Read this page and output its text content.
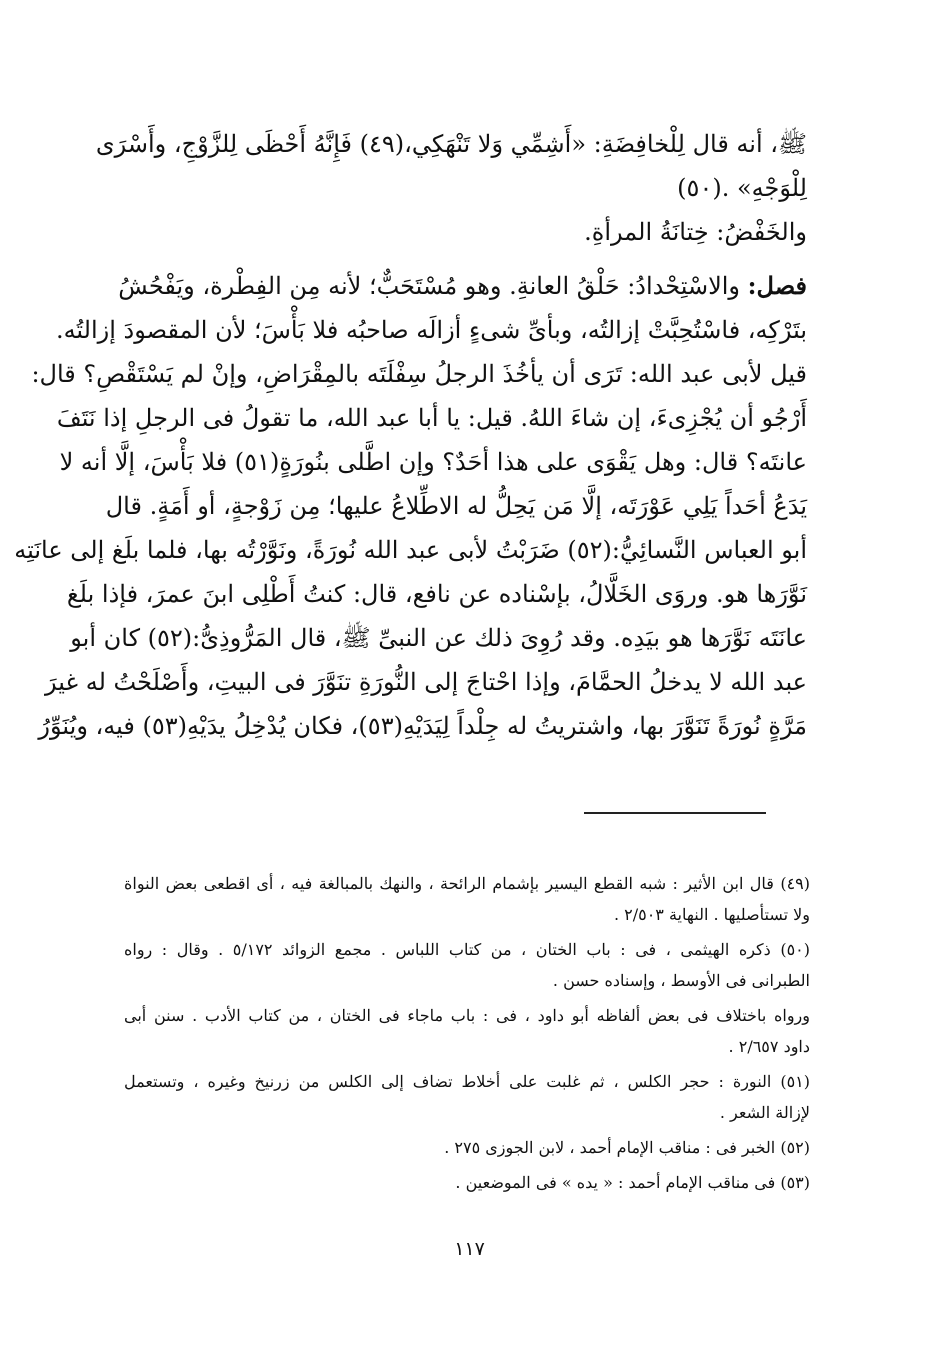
ﷺ، أنه قال لِلْخافِضَةِ: «أَشِمِّي وَلا تَنْهَكِي،(٤٩) فَإِنَّهُ أَحْظَى لِلزَّوْجِ، وأَسْرَى
لِلْوَجْهِ» .(٥٠)
والخَفْضُ: خِتانَةُ المرأةِ.
فصل: والاسْتِحْدادُ: حَلْقُ العانةِ. وهو مُسْتَحَبٌّ؛ لأنه مِن الفِطْرة، ويَفْحُشُ
بتَرْكِه، فاسْتُحِبَّتْ إزالتُه، وبأىِّ شىءٍ أزالَه صاحبُه فلا بَأْسَ؛ لأن المقصودَ إزالتُه.
قيل لأبى عبد الله: تَرَى أن يأخُذَ الرجلُ سِفْلَتَه بالمِقْرَاضِ، وإنْ لم يَسْتَقْصِ؟ قال:
أَرْجُو أن يُجْزِىءَ، إن شاءَ اللهُ. قيل: يا أبا عبد الله، ما تقولُ فى الرجلِ إذا نَتَفَ
عانتَه؟ قال: وهل يَقْوَى على هذا أحَدٌ؟ وإن اطَّلى بنُورَةٍ(٥١) فلا بَأْسَ، إلَّا أنه لا
يَدَعُ أحَداً يَلِي عَوْرَتَه، إلَّا مَن يَحِلُّ له الاطِّلاعُ عليها؛ مِن زَوْجةٍ، أو أَمَةٍ. قال
أبو العباس النَّسائِيُّ:(٥٢) ضَرَبْتُ لأبى عبد الله نُورَةً، ونَوَّرْتُه بها، فلما بلَغ إلى عانَتِه
نَوَّرَها هو. وروَى الخَلَّالُ، بإسْناده عن نافع، قال: كنتُ أَطْلِى ابنَ عمرَ، فإذا بلَغ
عانَتَه نَوَّرَها هو بيَدِه. وقد رُوِىَ ذلك عن النبىِّ ﷺ، قال المَرُّوذِىُّ:(٥٢) كان أبو
عبد الله لا يدخلُ الحمَّامَ، وإذا احْتاجَ إلى النُّورَةِ تنَوَّرَ فى البيتِ، وأَصْلَحْتُ له غيرَ
مَرَّةٍ نُورَةً تَنَوَّرَ بها، واشتريتُ له جِلْداً لِيَدَيْهِ(٥٣)، فكان يُدْخِلُ يدَيْهِ(٥٣) فيه، ويُنَوِّرُ
(٤٩) قال ابن الأثير : شبه القطع اليسير بإشمام الرائحة ، والنهك بالمبالغة فيه ، أى اقطعى بعض النواة
ولا تستأصليها . النهاية ٢/٥٠٣ .
(٥٠) ذكره الهيثمى ، فى : باب الختان ، من كتاب اللباس . مجمع الزوائد ٥/١٧٢ . وقال : رواه
الطبرانى فى الأوسط ، وإسناده حسن .
ورواه باختلاف فى بعض ألفاظه أبو داود ، فى : باب ماجاء فى الختان ، من كتاب الأدب . سنن أبى
داود ٢/٦٥٧ .
(٥١) النورة : حجر الكلس ، ثم غلبت على أخلاط تضاف إلى الكلس من زرنيخ وغيره ، وتستعمل
لإزالة الشعر .
(٥٢) الخبر فى : مناقب الإمام أحمد ، لابن الجوزى ٢٧٥ .
(٥٣) فى مناقب الإمام أحمد : « يده » فى الموضعين .
١١٧
